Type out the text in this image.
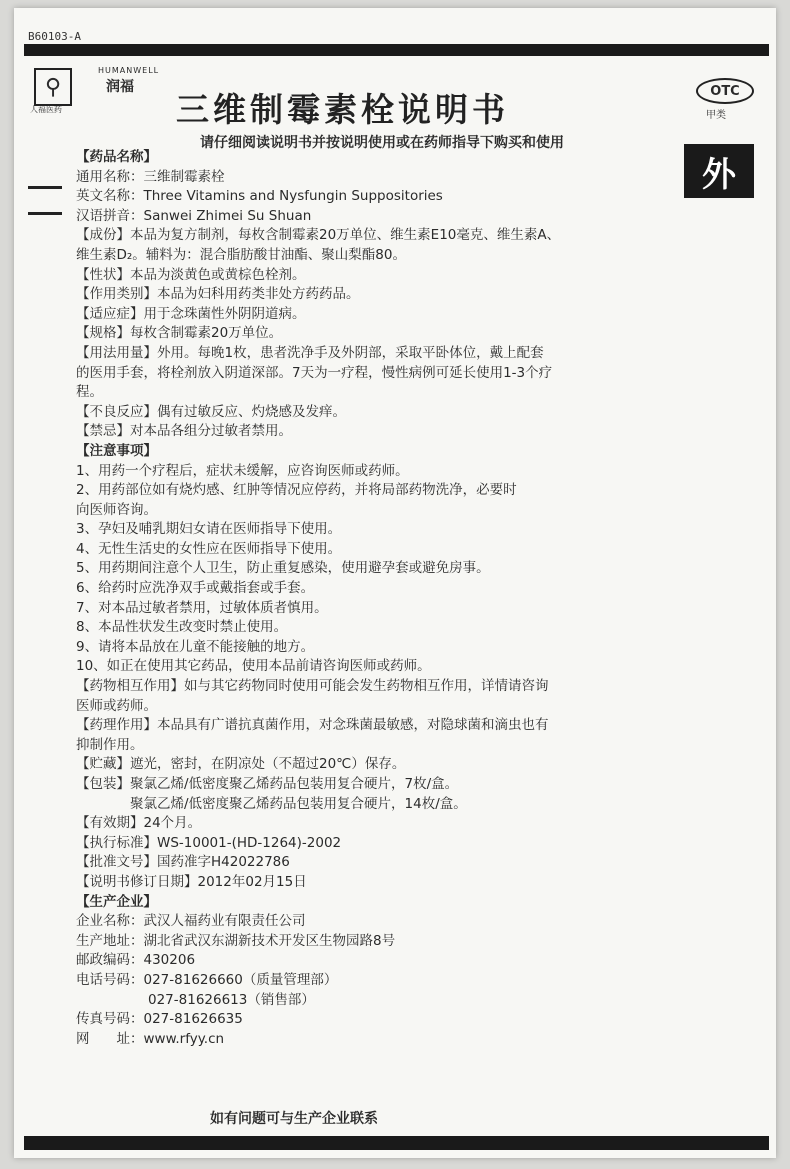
B60103-A
⚲
人福医药
HUMANWELL
润福
三维制霉素栓说明书
请仔细阅读说明书并按说明使用或在药师指导下购买和使用
OTC
甲类
外
【药品名称】
通用名称：三维制霉素栓
英文名称：Three Vitamins and Nysfungin Suppositories
汉语拼音：Sanwei Zhimei Su Shuan
【成份】本品为复方制剂，每枚含制霉素20万单位、维生素E10毫克、维生素A、
维生素D₂。辅料为：混合脂肪酸甘油酯、聚山梨酯80。
【性状】本品为淡黄色或黄棕色栓剂。
【作用类别】本品为妇科用药类非处方药药品。
【适应症】用于念珠菌性外阴阴道病。
【规格】每枚含制霉素20万单位。
【用法用量】外用。每晚1枚，患者洗净手及外阴部，采取平卧体位，戴上配套
的医用手套，将栓剂放入阴道深部。7天为一疗程，慢性病例可延长使用1-3个疗
程。
【不良反应】偶有过敏反应、灼烧感及发痒。
【禁忌】对本品各组分过敏者禁用。
【注意事项】
1、用药一个疗程后，症状未缓解，应咨询医师或药师。
2、用药部位如有烧灼感、红肿等情况应停药，并将局部药物洗净，必要时
向医师咨询。
3、孕妇及哺乳期妇女请在医师指导下使用。
4、无性生活史的女性应在医师指导下使用。
5、用药期间注意个人卫生，防止重复感染，使用避孕套或避免房事。
6、给药时应洗净双手或戴指套或手套。
7、对本品过敏者禁用，过敏体质者慎用。
8、本品性状发生改变时禁止使用。
9、请将本品放在儿童不能接触的地方。
10、如正在使用其它药品，使用本品前请咨询医师或药师。
【药物相互作用】如与其它药物同时使用可能会发生药物相互作用，详情请咨询
医师或药师。
【药理作用】本品具有广谱抗真菌作用，对念珠菌最敏感，对隐球菌和滴虫也有
抑制作用。
【贮藏】遮光，密封，在阴凉处（不超过20℃）保存。
【包装】聚氯乙烯/低密度聚乙烯药品包装用复合硬片，7枚/盒。
聚氯乙烯/低密度聚乙烯药品包装用复合硬片，14枚/盒。
【有效期】24个月。
【执行标准】WS-10001-(HD-1264)-2002
【批准文号】国药准字H42022786
【说明书修订日期】2012年02月15日
【生产企业】
企业名称：武汉人福药业有限责任公司
生产地址：湖北省武汉东湖新技术开发区生物园路8号
邮政编码：430206
电话号码：027-81626660（质量管理部）
027-81626613（销售部）
传真号码：027-81626635
网　　址：www.rfyy.cn
如有问题可与生产企业联系
